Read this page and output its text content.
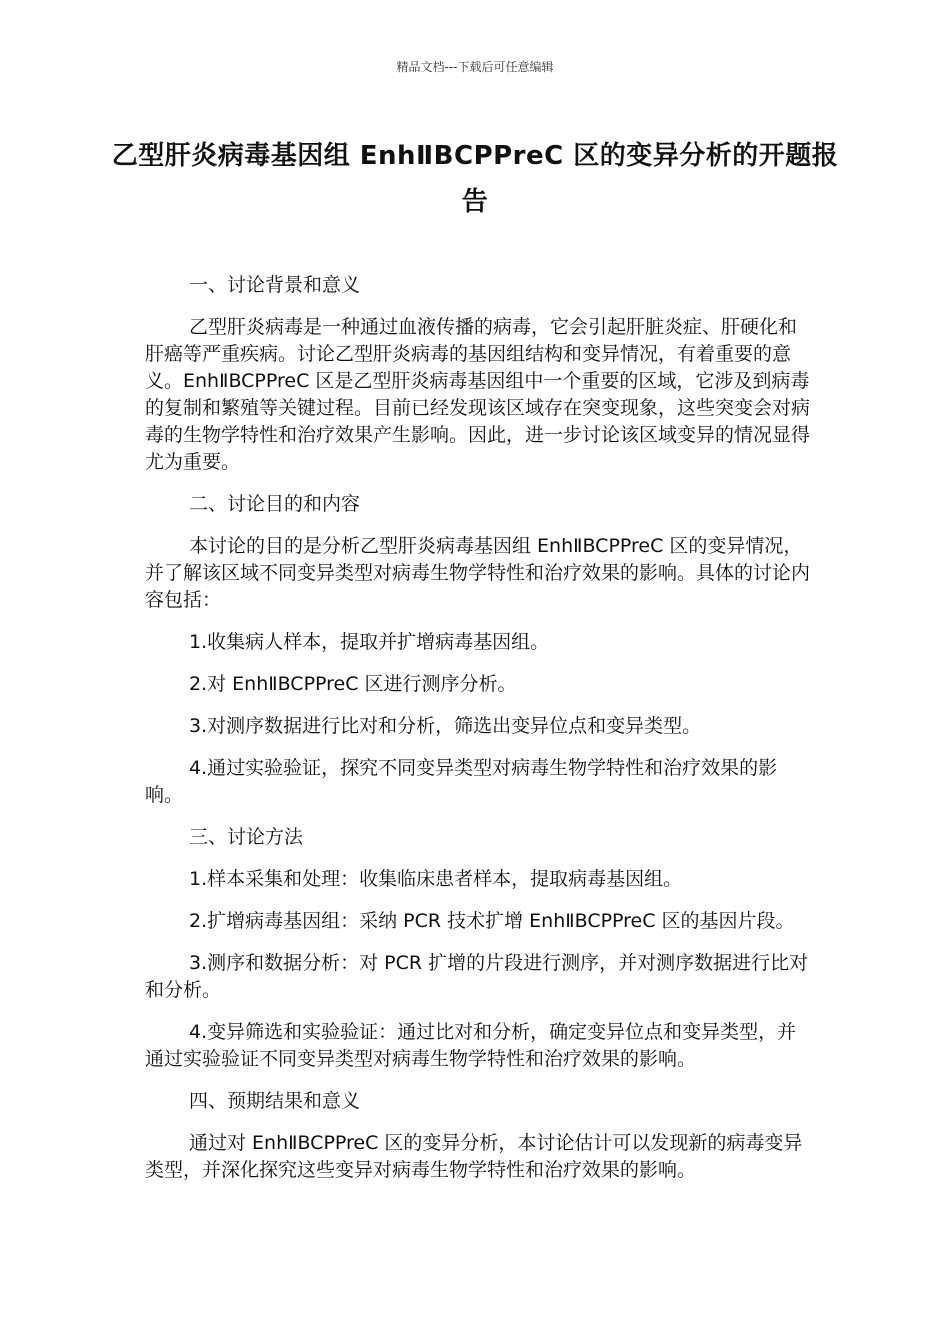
精品文档---下载后可任意编辑
乙型肝炎病毒基因组 EnhⅡBCPPreC 区的变异分析的开题报告

一、讨论背景和意义

乙型肝炎病毒是一种通过血液传播的病毒，它会引起肝脏炎症、肝硬化和肝癌等严重疾病。讨论乙型肝炎病毒的基因组结构和变异情况，有着重要的意义。EnhⅡBCPPreC 区是乙型肝炎病毒基因组中一个重要的区域，它涉及到病毒的复制和繁殖等关键过程。目前已经发现该区域存在突变现象，这些突变会对病毒的生物学特性和治疗效果产生影响。因此，进一步讨论该区域变异的情况显得尤为重要。

二、讨论目的和内容

本讨论的目的是分析乙型肝炎病毒基因组 EnhⅡBCPPreC 区的变异情况，并了解该区域不同变异类型对病毒生物学特性和治疗效果的影响。具体的讨论内容包括：

1.收集病人样本，提取并扩增病毒基因组。

2.对 EnhⅡBCPPreC 区进行测序分析。

3.对测序数据进行比对和分析，筛选出变异位点和变异类型。

4.通过实验验证，探究不同变异类型对病毒生物学特性和治疗效果的影响。

三、讨论方法

1.样本采集和处理：收集临床患者样本，提取病毒基因组。

2.扩增病毒基因组：采纳 PCR 技术扩增 EnhⅡBCPPreC 区的基因片段。

3.测序和数据分析：对 PCR 扩增的片段进行测序，并对测序数据进行比对和分析。

4.变异筛选和实验验证：通过比对和分析，确定变异位点和变异类型，并通过实验验证不同变异类型对病毒生物学特性和治疗效果的影响。

四、预期结果和意义

通过对 EnhⅡBCPPreC 区的变异分析，本讨论估计可以发现新的病毒变异类型，并深化探究这些变异对病毒生物学特性和治疗效果的影响。
